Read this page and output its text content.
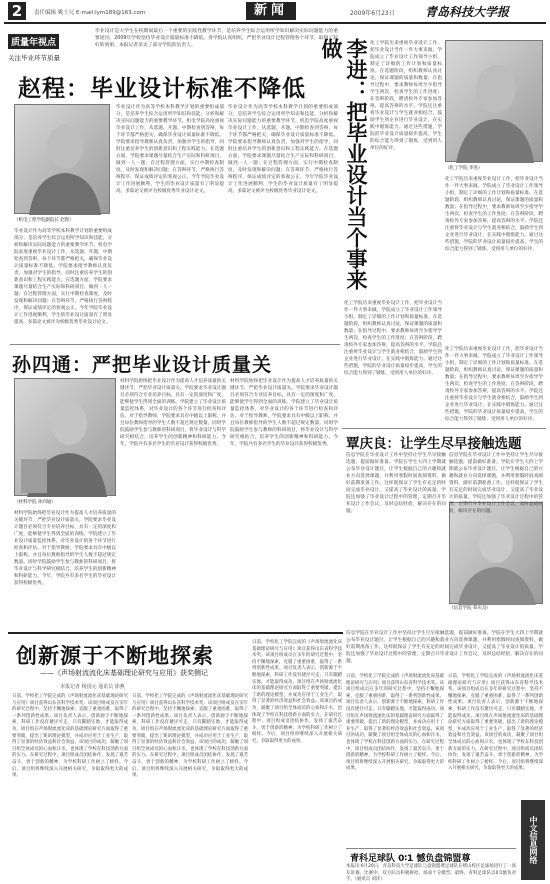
2	责任编辑 姚士兄 E-mail:lym189@163.com	新闻	2009年6月23日	青岛科技大学报
质量年视点
关注毕业环节质量
毕业设计是大学生在校期间最后一个重要的实践性教学环节，是培养学生综合运用所学知识解决实际问题能力的重要途径。2009年学校坚持毕业设计质量标准不降低，各学院认真组织，严把毕业设计过程管理各个环节，取得了较好的效果。本报记者采访了部分学院的负责人。
赵程：毕业设计标准不降低
（机电工程学院副院长 赵程）
毕业设计作为高等学校本科教学计划的重要组成部分，是培养学生综合运用所学知识和技能，分析和解决实际问题能力的重要教学环节。机电学院高度重视毕业设计工作，从选题、开题、中期检查到答辩，每个环节都严格把关，确保毕业设计质量标准不降低。学院要求指导教师认真负责，加强对学生的指导，同时注重培养学生的创新意识和工程实践能力。在选题方面，学院要求课题尽量结合生产实际和科研项目，做到一人一题；在过程管理方面，实行中期检查制度，及时发现和解决问题；在答辩环节，严格执行答辩程序，保证成绩评定的客观公正。今年学院毕业设计工作进展顺利，学生的毕业设计质量有了明显提高，多篇论文被评为校级优秀毕业设计论文。
毕业设计作为高等学校本科教学计划的重要组成部分，是培养学生综合运用所学知识和技能，分析和解决实际问题能力的重要教学环节。机电学院高度重视毕业设计工作，从选题、开题、中期检查到答辩，每个环节都严格把关，确保毕业设计质量标准不降低。学院要求指导教师认真负责，加强对学生的指导，同时注重培养学生的创新意识和工程实践能力。在选题方面，学院要求课题尽量结合生产实际和科研项目，做到一人一题；在过程管理方面，实行中期检查制度，及时发现和解决问题；在答辩环节，严格执行答辩程序，保证成绩评定的客观公正。今年学院毕业设计工作进展顺利，学生的毕业设计质量有了明显提高，多篇论文被评为校级优秀毕业设计论文。
毕业设计作为高等学校本科教学计划的重要组成部分，是培养学生综合运用所学知识和技能，分析和解决实际问题能力的重要教学环节。机电学院高度重视毕业设计工作，从选题、开题、中期检查到答辩，每个环节都严格把关，确保毕业设计质量标准不降低。学院要求指导教师认真负责，加强对学生的指导，同时注重培养学生的创新意识和工程实践能力。在选题方面，学院要求课题尽量结合生产实际和科研项目，做到一人一题；在过程管理方面，实行中期检查制度，及时发现和解决问题；在答辩环节，严格执行答辩程序，保证成绩评定的客观公正。今年学院毕业设计工作进展顺利，学生的毕业设计质量有了明显提高，多篇论文被评为校级优秀毕业设计论文。	李进：把毕业设计当个事来做	化工学院历来重视毕业设计工作，把毕业设计当作一件大事来做。学院成立了毕业设计工作领导小组，制定了详细的工作计划和质量标准。在选题阶段，组织教师认真讨论，保证课题的质量和数量；在指导过程中，要求教师每周至少指导学生两次，检查学生的工作进度；在答辩阶段，聘请校外专家参加答辩，提高答辩的水平。学院还注重将毕业设计与学生就业相结合，鼓励学生到企业进行毕业设计，在实践中锻炼能力。通过这些措施，学院的毕业设计质量稳步提高，学生的综合能力得到了锻炼，受到用人单位的好评。
（化工学院 李进）
化工学院历来重视毕业设计工作，把毕业设计当作一件大事来做。学院成立了毕业设计工作领导小组，制定了详细的工作计划和质量标准。在选题阶段，组织教师认真讨论，保证课题的质量和数量；在指导过程中，要求教师每周至少指导学生两次，检查学生的工作进度；在答辩阶段，聘请校外专家参加答辩，提高答辩的水平。学院还注重将毕业设计与学生就业相结合，鼓励学生到企业进行毕业设计，在实践中锻炼能力。通过这些措施，学院的毕业设计质量稳步提高，学生的综合能力得到了锻炼，受到用人单位的好评。
化工学院历来重视毕业设计工作，把毕业设计当作一件大事来做。学院成立了毕业设计工作领导小组，制定了详细的工作计划和质量标准。在选题阶段，组织教师认真讨论，保证课题的质量和数量；在指导过程中，要求教师每周至少指导学生两次，检查学生的工作进度；在答辩阶段，聘请校外专家参加答辩，提高答辩的水平。学院还注重将毕业设计与学生就业相结合，鼓励学生到企业进行毕业设计，在实践中锻炼能力。通过这些措施，学院的毕业设计质量稳步提高，学生的综合能力得到了锻炼，受到用人单位的好评。
化工学院历来重视毕业设计工作，把毕业设计当作一件大事来做。学院成立了毕业设计工作领导小组，制定了详细的工作计划和质量标准。在选题阶段，组织教师认真讨论，保证课题的质量和数量；在指导过程中，要求教师每周至少指导学生两次，检查学生的工作进度；在答辩阶段，聘请校外专家参加答辩，提高答辩的水平。学院还注重将毕业设计与学生就业相结合，鼓励学生到企业进行毕业设计，在实践中锻炼能力。通过这些措施，学院的毕业设计质量稳步提高，学生的综合能力得到了锻炼，受到用人单位的好评。
孙四通：严把毕业设计质量关
（材料学院 孙四通）
材料学院始终把毕业设计作为提高人才培养质量的关键环节，严把毕业设计质量关。学院要求毕业设计题目必须符合专业培养目标，具有一定的深度和广度，能够使学生得到全面的训练。学院建立了毕业设计质量监控体系，对毕业设计的各个环节进行检查和评估。对于指导教师，学院要求具有中级以上职称，并且每位教师指导的学生人数不超过规定数量。同时学院鼓励学生参与教师的科研项目，将毕业设计与科学研究相结合，培养学生的创新精神和科研能力。今年，学院共有多名学生的毕业设计获得校级优秀。
材料学院始终把毕业设计作为提高人才培养质量的关键环节，严把毕业设计质量关。学院要求毕业设计题目必须符合专业培养目标，具有一定的深度和广度，能够使学生得到全面的训练。学院建立了毕业设计质量监控体系，对毕业设计的各个环节进行检查和评估。对于指导教师，学院要求具有中级以上职称，并且每位教师指导的学生人数不超过规定数量。同时学院鼓励学生参与教师的科研项目，将毕业设计与科学研究相结合，培养学生的创新精神和科研能力。今年，学院共有多名学生的毕业设计获得校级优秀。
材料学院始终把毕业设计作为提高人才培养质量的关键环节，严把毕业设计质量关。学院要求毕业设计题目必须符合专业培养目标，具有一定的深度和广度，能够使学生得到全面的训练。学院建立了毕业设计质量监控体系，对毕业设计的各个环节进行检查和评估。对于指导教师，学院要求具有中级以上职称，并且每位教师指导的学生人数不超过规定数量。同时学院鼓励学生参与教师的科研项目，将毕业设计与科学研究相结合，培养学生的创新精神和科研能力。今年，学院共有多名学生的毕业设计获得校级优秀。	覃庆良：让学生尽早接触选题
信息学院在毕业设计工作中坚持让学生尽早接触选题，提前做好准备。学院在学生大四上学期就公布毕业设计题目，让学生根据自己的兴趣和就业方向选择课题，并利用寒假时间查阅资料，做好前期准备工作。这样既保证了学生有充足的时间完成毕业设计，又提高了毕业设计的质量。学院还加强了毕业设计过程中的管理，定期召开毕业设计工作会议，及时总结经验，解决存在的问题。
（信息学院 覃庆良）
信息学院在毕业设计工作中坚持让学生尽早接触选题，提前做好准备。学院在学生大四上学期就公布毕业设计题目，让学生根据自己的兴趣和就业方向选择课题，并利用寒假时间查阅资料，做好前期准备工作。这样既保证了学生有充足的时间完成毕业设计，又提高了毕业设计的质量。学院还加强了毕业设计过程中的管理，定期召开毕业设计工作会议，及时总结经验，解决存在的问题。
信息学院在毕业设计工作中坚持让学生尽早接触选题，提前做好准备。学院在学生大四上学期就公布毕业设计题目，让学生根据自己的兴趣和就业方向选择课题，并利用寒假时间查阅资料，做好前期准备工作。这样既保证了学生有充足的时间完成毕业设计，又提高了毕业设计的质量。学院还加强了毕业设计过程中的管理，定期召开毕业设计工作会议，及时总结经验，解决存在的问题。
创新源于不断地探索
——《声场射流流化床基础理论研究与应用》获奖侧记
本报记者 杨国元 通讯员 徐燕
日前，学校化工学院完成的《声场射流流化床基础理论研究与应用》项目获得山东省科学技术奖。该项目组成员在多年的研究过程中，坚持不懈地探索，克服了重重困难，取得了一系列创新性成果。项目负责人表示，创新源于不断地探索，科研工作没有捷径可走，只有脚踏实地，才能取得成功。项目组在声场射流流化床的基础理论研究方面取得了重要突破，提出了新的理论模型，并成功应用于工业生产，取得了显著的经济效益和社会效益。该项目的成功，凝聚了项目组全体成员的心血和汗水，也体现了学校在科技创新方面的实力。在研究过程中，项目组成员团结协作，发扬了艰苦奋斗、勇于创新的精神，为学校科研工作树立了榜样。今后，项目组将继续深入开展相关研究，争取取得更大的成果。
日前，学校化工学院完成的《声场射流流化床基础理论研究与应用》项目获得山东省科学技术奖。该项目组成员在多年的研究过程中，坚持不懈地探索，克服了重重困难，取得了一系列创新性成果。项目负责人表示，创新源于不断地探索，科研工作没有捷径可走，只有脚踏实地，才能取得成功。项目组在声场射流流化床的基础理论研究方面取得了重要突破，提出了新的理论模型，并成功应用于工业生产，取得了显著的经济效益和社会效益。该项目的成功，凝聚了项目组全体成员的心血和汗水，也体现了学校在科技创新方面的实力。在研究过程中，项目组成员团结协作，发扬了艰苦奋斗、勇于创新的精神，为学校科研工作树立了榜样。今后，项目组将继续深入开展相关研究，争取取得更大的成果。
日前，学校化工学院完成的《声场射流流化床基础理论研究与应用》项目获得山东省科学技术奖。该项目组成员在多年的研究过程中，坚持不懈地探索，克服了重重困难，取得了一系列创新性成果。项目负责人表示，创新源于不断地探索，科研工作没有捷径可走，只有脚踏实地，才能取得成功。项目组在声场射流流化床的基础理论研究方面取得了重要突破，提出了新的理论模型，并成功应用于工业生产，取得了显著的经济效益和社会效益。该项目的成功，凝聚了项目组全体成员的心血和汗水，也体现了学校在科技创新方面的实力。在研究过程中，项目组成员团结协作，发扬了艰苦奋斗、勇于创新的精神，为学校科研工作树立了榜样。今后，项目组将继续深入开展相关研究，争取取得更大的成果。
日前，学校化工学院完成的《声场射流流化床基础理论研究与应用》项目获得山东省科学技术奖。该项目组成员在多年的研究过程中，坚持不懈地探索，克服了重重困难，取得了一系列创新性成果。项目负责人表示，创新源于不断地探索，科研工作没有捷径可走，只有脚踏实地，才能取得成功。项目组在声场射流流化床的基础理论研究方面取得了重要突破，提出了新的理论模型，并成功应用于工业生产，取得了显著的经济效益和社会效益。该项目的成功，凝聚了项目组全体成员的心血和汗水，也体现了学校在科技创新方面的实力。在研究过程中，项目组成员团结协作，发扬了艰苦奋斗、勇于创新的精神，为学校科研工作树立了榜样。今后，项目组将继续深入开展相关研究，争取取得更大的成果。
日前，学校化工学院完成的《声场射流流化床基础理论研究与应用》项目获得山东省科学技术奖。该项目组成员在多年的研究过程中，坚持不懈地探索，克服了重重困难，取得了一系列创新性成果。项目负责人表示，创新源于不断地探索，科研工作没有捷径可走，只有脚踏实地，才能取得成功。项目组在声场射流流化床的基础理论研究方面取得了重要突破，提出了新的理论模型，并成功应用于工业生产，取得了显著的经济效益和社会效益。该项目的成功，凝聚了项目组全体成员的心血和汗水，也体现了学校在科技创新方面的实力。在研究过程中，项目组成员团结协作，发扬了艰苦奋斗、勇于创新的精神，为学校科研工作树立了榜样。今后，项目组将继续深入开展相关研究，争取取得更大的成果。
青科足球队 0∶1 憾负盘锦盟尊
本报讯 6月20日，青岛科技大学足球队与盘锦盟尊足球队在崂山校区足球场进行了一场友谊赛。比赛中，双方队员积极拼抢，场面十分激烈。最终，青科足球队以0∶1憾负对手。（通讯员 刘洋）
中文信息网络
